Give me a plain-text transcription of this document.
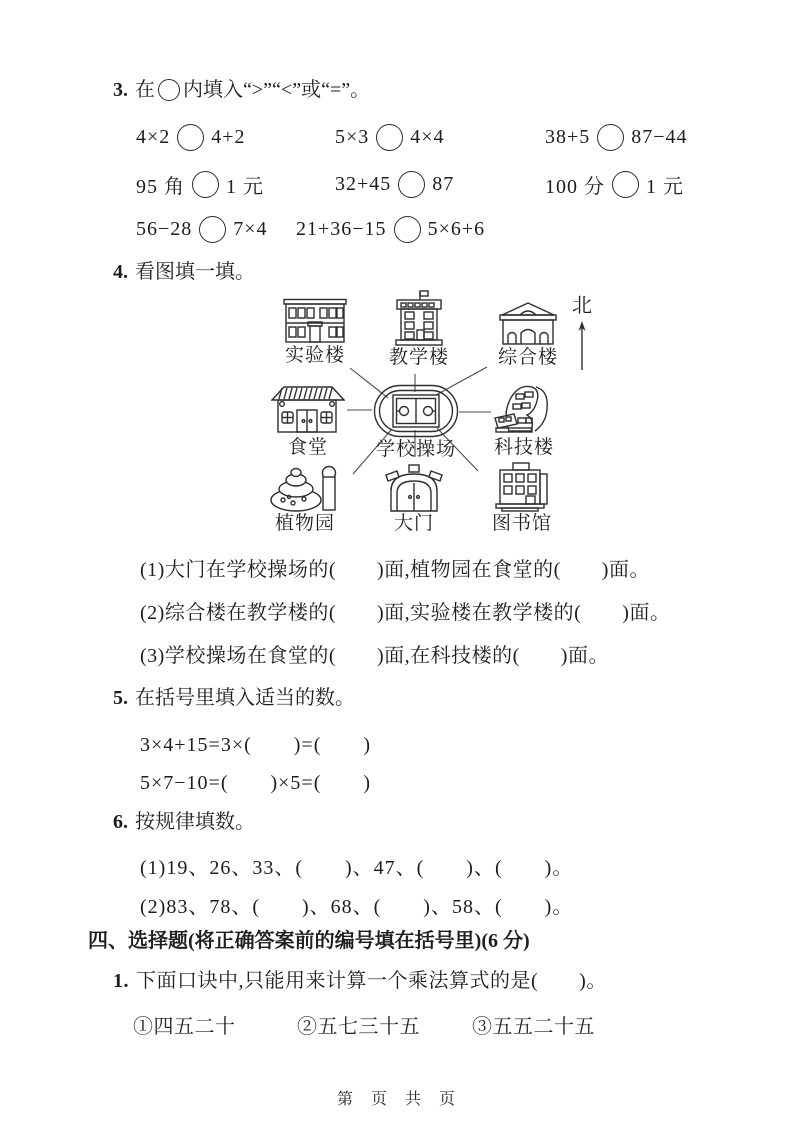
3. 在 内填入“>”“<”或“=”。
4×2 4+2	5×3 4×4	38+5 87−44
95 角 1 元	32+45 87	100 分 1 元
56−28 7×4 21+36−15 5×6+6
4. 看图填一填。
实验楼 教学楼	综合楼
北
食堂	学校操场 科技楼
植物园	大门	图书馆
(1)大门在学校操场的(　　)面,植物园在食堂的(　　)面。
(2)综合楼在教学楼的(　　)面,实验楼在教学楼的(　　)面。
(3)学校操场在食堂的(　　)面,在科技楼的(　　)面。
5. 在括号里填入适当的数。
3×4+15=3×(　　)=(　　)
5×7−10=(　　)×5=(　　)
6. 按规律填数。
(1)19、26、33、(　　)、47、(　　)、(　　)。
(2)83、78、(　　)、68、(　　)、58、(　　)。
四、选择题(将正确答案前的编号填在括号里)(6 分)
1. 下面口诀中,只能用来计算一个乘法算式的是(　　)。
①四五二十	②五七三十五	③五五二十五
第　页　共　页
